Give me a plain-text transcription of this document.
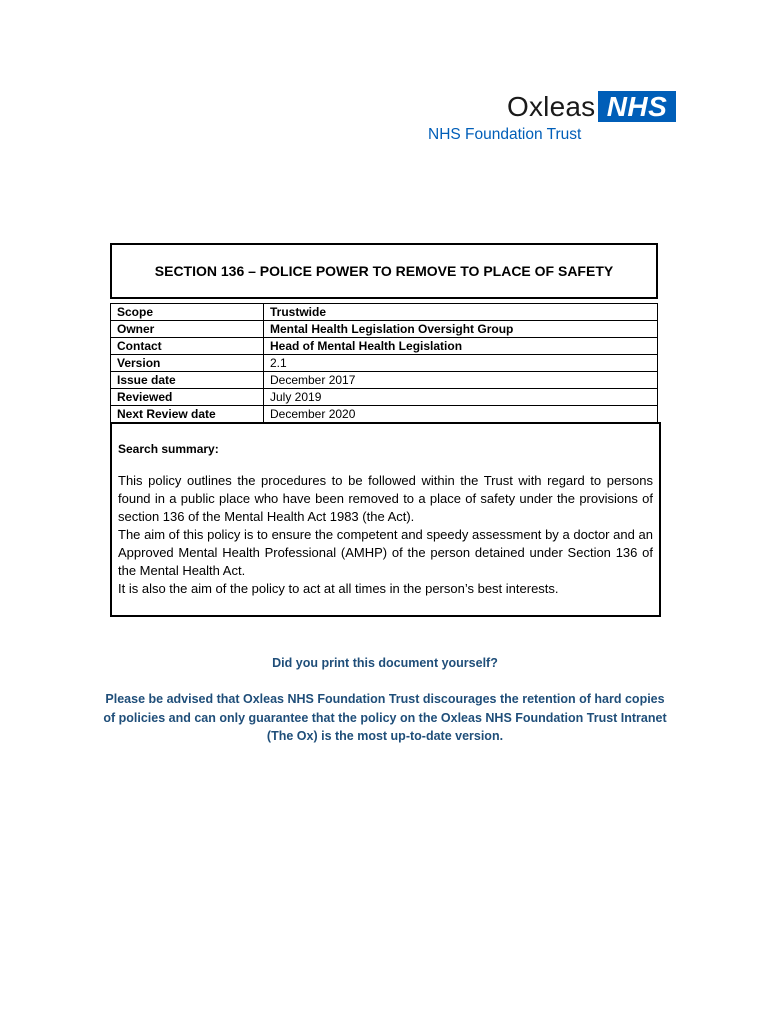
Oxleas NHS
NHS Foundation Trust
SECTION 136 – POLICE POWER TO REMOVE TO PLACE OF SAFETY
Scope	Trustwide
Owner	Mental Health Legislation Oversight Group
Contact	Head of Mental Health Legislation
Version	2.1
Issue date	December 2017
Reviewed	July 2019
Next Review date	December 2020
Search summary:

This policy outlines the procedures to be followed within the Trust with regard to persons found in a public place who have been removed to a place of safety under the provisions of section 136 of the Mental Health Act 1983 (the Act).

The aim of this policy is to ensure the competent and speedy assessment by a doctor and an Approved Mental Health Professional (AMHP) of the person detained under Section 136 of the Mental Health Act.

It is also the aim of the policy to act at all times in the person’s best interests.

Did you print this document yourself?
Please be advised that Oxleas NHS Foundation Trust discourages the retention of hard copies of policies and can only guarantee that the policy on the Oxleas NHS Foundation Trust Intranet (The Ox) is the most up-to-date version.
